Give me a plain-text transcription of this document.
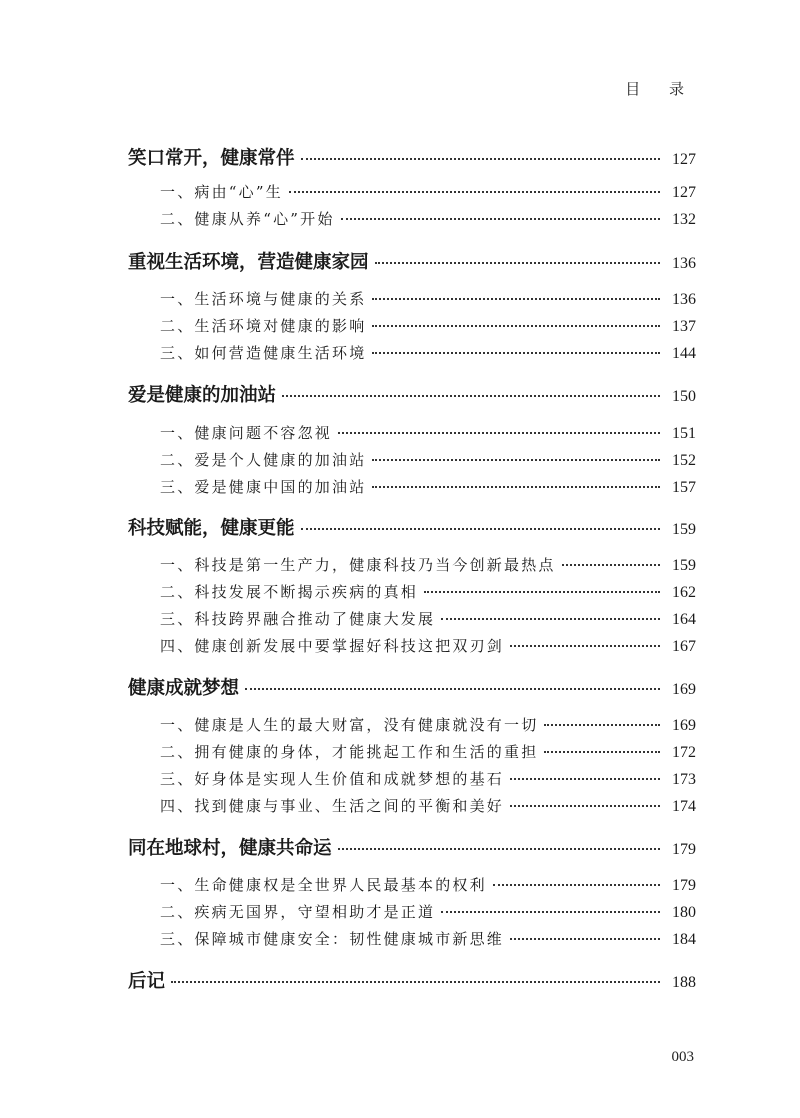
目 录
笑口常开，健康常伴	127
一、病由“心”生	127
二、健康从养“心”开始	132
重视生活环境，营造健康家园	136
一、生活环境与健康的关系	136
二、生活环境对健康的影响	137
三、如何营造健康生活环境	144
爱是健康的加油站	150
一、健康问题不容忽视	151
二、爱是个人健康的加油站	152
三、爱是健康中国的加油站	157
科技赋能，健康更能	159
一、科技是第一生产力，健康科技乃当今创新最热点	159
二、科技发展不断揭示疾病的真相	162
三、科技跨界融合推动了健康大发展	164
四、健康创新发展中要掌握好科技这把双刃剑	167
健康成就梦想	169
一、健康是人生的最大财富，没有健康就没有一切	169
二、拥有健康的身体，才能挑起工作和生活的重担	172
三、好身体是实现人生价值和成就梦想的基石	173
四、找到健康与事业、生活之间的平衡和美好	174
同在地球村，健康共命运	179
一、生命健康权是全世界人民最基本的权利	179
二、疾病无国界，守望相助才是正道	180
三、保障城市健康安全：韧性健康城市新思维	184
后记	188
003
